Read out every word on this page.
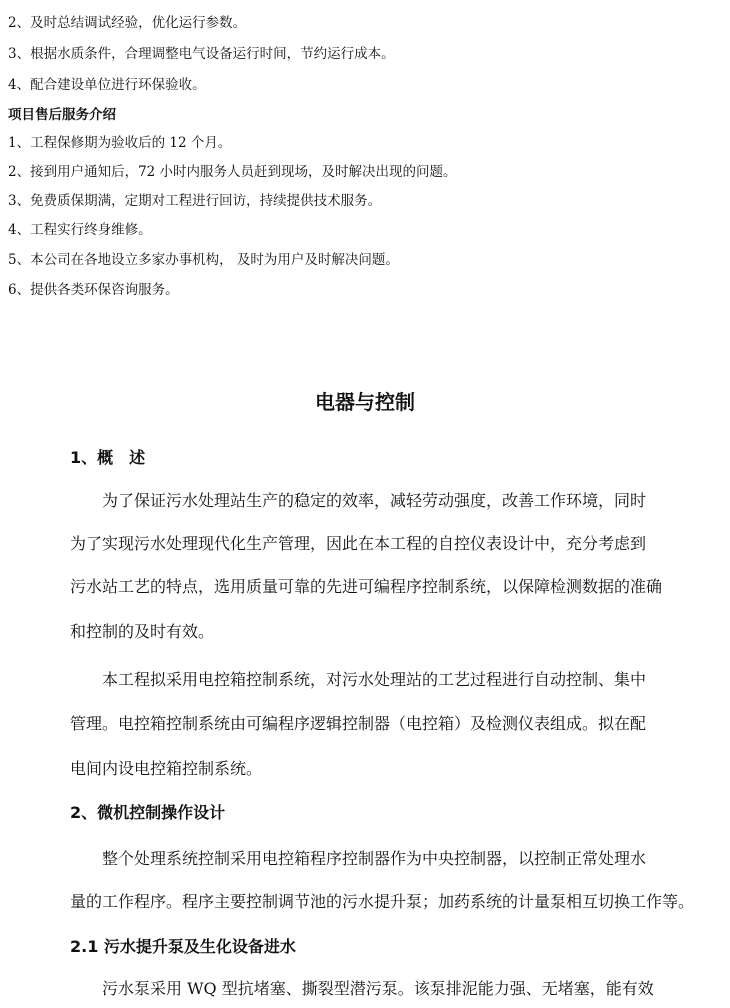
2、及时总结调试经验，优化运行参数。
3、根据水质条件，合理调整电气设备运行时间，节约运行成本。
4、配合建设单位进行环保验收。
项目售后服务介绍
1、工程保修期为验收后的 12 个月。
2、接到用户通知后，72 小时内服务人员赶到现场，及时解决出现的问题。
3、免费质保期满，定期对工程进行回访，持续提供技术服务。
4、工程实行终身维修。
5、本公司在各地设立多家办事机构， 及时为用户及时解决问题。
6、提供各类环保咨询服务。
电器与控制
1、概　述
　　为了保证污水处理站生产的稳定的效率，减轻劳动强度，改善工作环境，同时
为了实现污水处理现代化生产管理，因此在本工程的自控仪表设计中，充分考虑到
污水站工艺的特点，选用质量可靠的先进可编程序控制系统，以保障检测数据的准确
和控制的及时有效。
　　本工程拟采用电控箱控制系统，对污水处理站的工艺过程进行自动控制、集中
管理。电控箱控制系统由可编程序逻辑控制器（电控箱）及检测仪表组成。拟在配
电间内设电控箱控制系统。
2、微机控制操作设计
　　整个处理系统控制采用电控箱程序控制器作为中央控制器，以控制正常处理水
量的工作程序。程序主要控制调节池的污水提升泵；加药系统的计量泵相互切换工作等。
2.1 污水提升泵及生化设备进水
　　污水泵采用 WQ 型抗堵塞、撕裂型潜污泵。该泵排泥能力强、无堵塞，能有效
